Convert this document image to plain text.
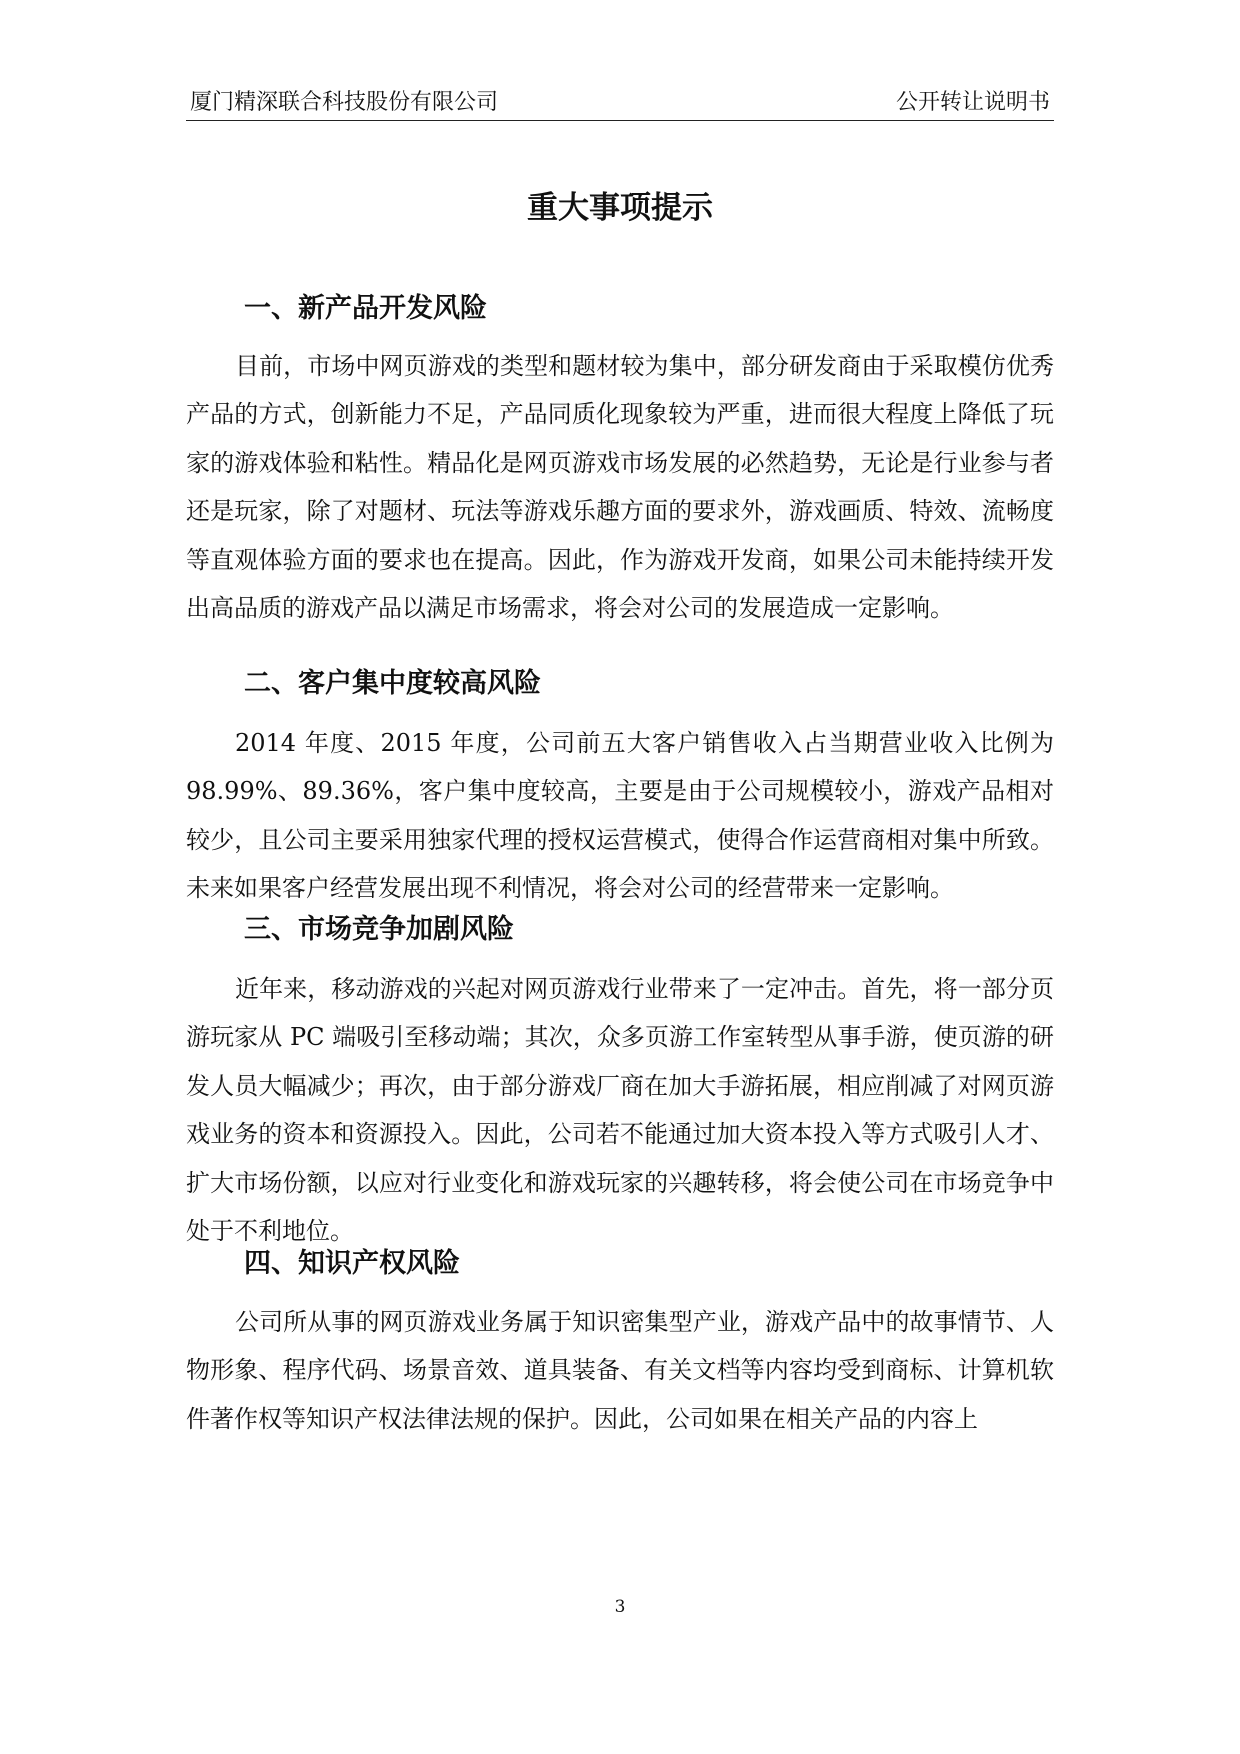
厦门精深联合科技股份有限公司	公开转让说明书
重大事项提示
一、新产品开发风险

目前，市场中网页游戏的类型和题材较为集中，部分研发商由于采取模仿优秀产品的方式，创新能力不足，产品同质化现象较为严重，进而很大程度上降低了玩家的游戏体验和粘性。精品化是网页游戏市场发展的必然趋势，无论是行业参与者还是玩家，除了对题材、玩法等游戏乐趣方面的要求外，游戏画质、特效、流畅度等直观体验方面的要求也在提高。因此，作为游戏开发商，如果公司未能持续开发出高品质的游戏产品以满足市场需求，将会对公司的发展造成一定影响。

二、客户集中度较高风险

2014 年度、2015 年度，公司前五大客户销售收入占当期营业收入比例为 98.99%、89.36%，客户集中度较高，主要是由于公司规模较小，游戏产品相对较少，且公司主要采用独家代理的授权运营模式，使得合作运营商相对集中所致。未来如果客户经营发展出现不利情况，将会对公司的经营带来一定影响。

三、市场竞争加剧风险

近年来，移动游戏的兴起对网页游戏行业带来了一定冲击。首先，将一部分页游玩家从 PC 端吸引至移动端；其次，众多页游工作室转型从事手游，使页游的研发人员大幅减少；再次，由于部分游戏厂商在加大手游拓展，相应削减了对网页游戏业务的资本和资源投入。因此，公司若不能通过加大资本投入等方式吸引人才、扩大市场份额，以应对行业变化和游戏玩家的兴趣转移，将会使公司在市场竞争中处于不利地位。

四、知识产权风险

公司所从事的网页游戏业务属于知识密集型产业，游戏产品中的故事情节、人物形象、程序代码、场景音效、道具装备、有关文档等内容均受到商标、计算机软件著作权等知识产权法律法规的保护。因此，公司如果在相关产品的内容上

3
